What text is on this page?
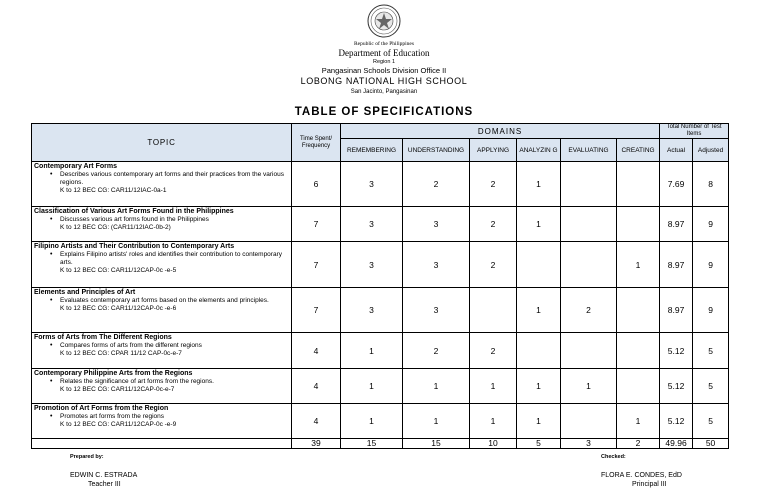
Republic of the Philippines
Department of Education
Region 1
Pangasinan Schools Division Office II
LOBONG NATIONAL HIGH SCHOOL
San Jacinto, Pangasinan
TABLE OF SPECIFICATIONS
TOPIC	Time Spent/ Frequency	DOMAINS						Total Number of Test Items	
		REMEMBERING	UNDERSTANDING	APPLYING	ANALYZIN G	EVALUATING	CREATING	Actual	Adjusted

Contemporary Art Forms
• Describes various contemporary art forms and their practices from the various regions.
K to 12 BEC CG: CAR11/12IAC-0a-1	6	3	2	2	1			7.69	8

Classification of Various Art Forms Found in the Philippines
• Discusses various art forms found in the Philippines
K to 12 BEC CG: (CAR11/12IAC-0b-2)	7	3	3	2	1			8.97	9

Filipino Artists and Their Contribution to Contemporary Arts
• Explains Filipino artists' roles and identifies their contribution to contemporary arts.
K to 12 BEC CG: CAR11/12CAP-0c -e-5	7	3	3	2			1	8.97	9

Elements and Principles of Art
• Evaluates contemporary art forms based on the elements and principles.
K to 12 BEC CG: CAR11/12CAP-0c -e-6	7	3	3		1	2		8.97	9

Forms of Arts from The Different Regions
• Compares forms of arts from the different regions
K to 12 BEC CG: CPAR 11/12 CAP-0c-e-7	4	1	2	2				5.12	5

Contemporary Philippine Arts from the Regions
• Relates the significance of art forms from the regions.
K to 12 BEC CG: CAR11/12CAP-0c-e-7	4	1	1	1	1	1		5.12	5

Promotion of Art Forms from the Region
• Promotes art forms from the regions
K to 12 BEC CG: CAR11/12CAP-0c -e-9	4	1	1	1	1		1	5.12	5
	39	15	15	10	5	3	2	49.96	50
Prepared by:
EDWIN C. ESTRADA
Teacher III
Checked:
FLORA E. CONDES, EdD
Principal III
